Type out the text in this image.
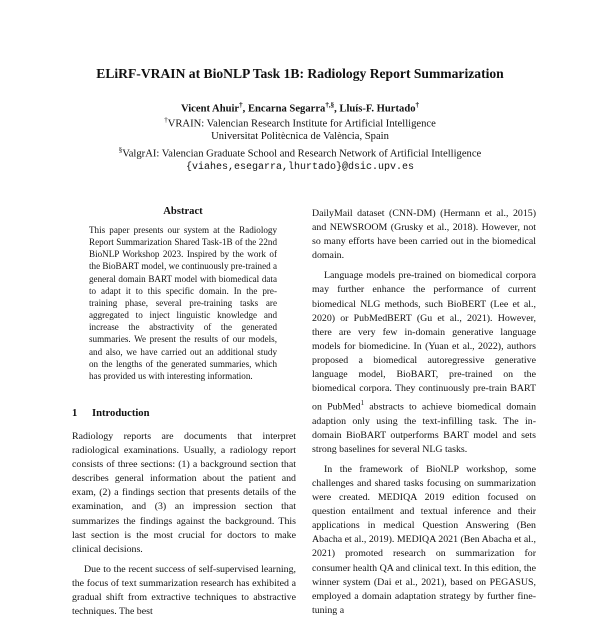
ELiRF-VRAIN at BioNLP Task 1B: Radiology Report Summarization
Vicent Ahuir†, Encarna Segarra†,§, Lluís-F. Hurtado†
†VRAIN: Valencian Research Institute for Artificial Intelligence
Universitat Politècnica de València, Spain
§ValgrAI: Valencian Graduate School and Research Network of Artificial Intelligence
{viahes,esegarra,lhurtado}@dsic.upv.es
Abstract
This paper presents our system at the Radiology Report Summarization Shared Task-1B of the 22nd BioNLP Workshop 2023. Inspired by the work of the BioBART model, we continuously pre-trained a general domain BART model with biomedical data to adapt it to this specific domain. In the pre-training phase, several pre-training tasks are aggregated to inject linguistic knowledge and increase the abstractivity of the generated summaries. We present the results of our models, and also, we have carried out an additional study on the lengths of the generated summaries, which has provided us with interesting information.
1 Introduction

Radiology reports are documents that interpret radiological examinations. Usually, a radiology report consists of three sections: (1) a background section that describes general information about the patient and exam, (2) a findings section that presents details of the examination, and (3) an impression section that summarizes the findings against the background. This last section is the most crucial for doctors to make clinical decisions.

Due to the recent success of self-supervised learning, the focus of text summarization research has exhibited a gradual shift from extractive techniques to abstractive techniques. The best

DailyMail dataset (CNN-DM) (Hermann et al., 2015) and NEWSROOM (Grusky et al., 2018). However, not so many efforts have been carried out in the biomedical domain.

Language models pre-trained on biomedical corpora may further enhance the performance of current biomedical NLG methods, such BioBERT (Lee et al., 2020) or PubMedBERT (Gu et al., 2021). However, there are very few in-domain generative language models for biomedicine. In (Yuan et al., 2022), authors proposed a biomedical autoregressive generative language model, BioBART, pre-trained on the biomedical corpora. They continuously pre-train BART on PubMed$^1$ abstracts to achieve biomedical domain adaption only using the text-infilling task. The in-domain BioBART outperforms BART model and sets strong baselines for several NLG tasks.

In the framework of BioNLP workshop, some challenges and shared tasks focusing on summarization were created. MEDIQA 2019 edition focused on question entailment and textual inference and their applications in medical Question Answering (Ben Abacha et al., 2019). MEDIQA 2021 (Ben Abacha et al., 2021) promoted research on summarization for consumer health QA and clinical text. In this edition, the winner system (Dai et al., 2021), based on PEGASUS, employed a domain adaptation strategy by further fine-tuning a
